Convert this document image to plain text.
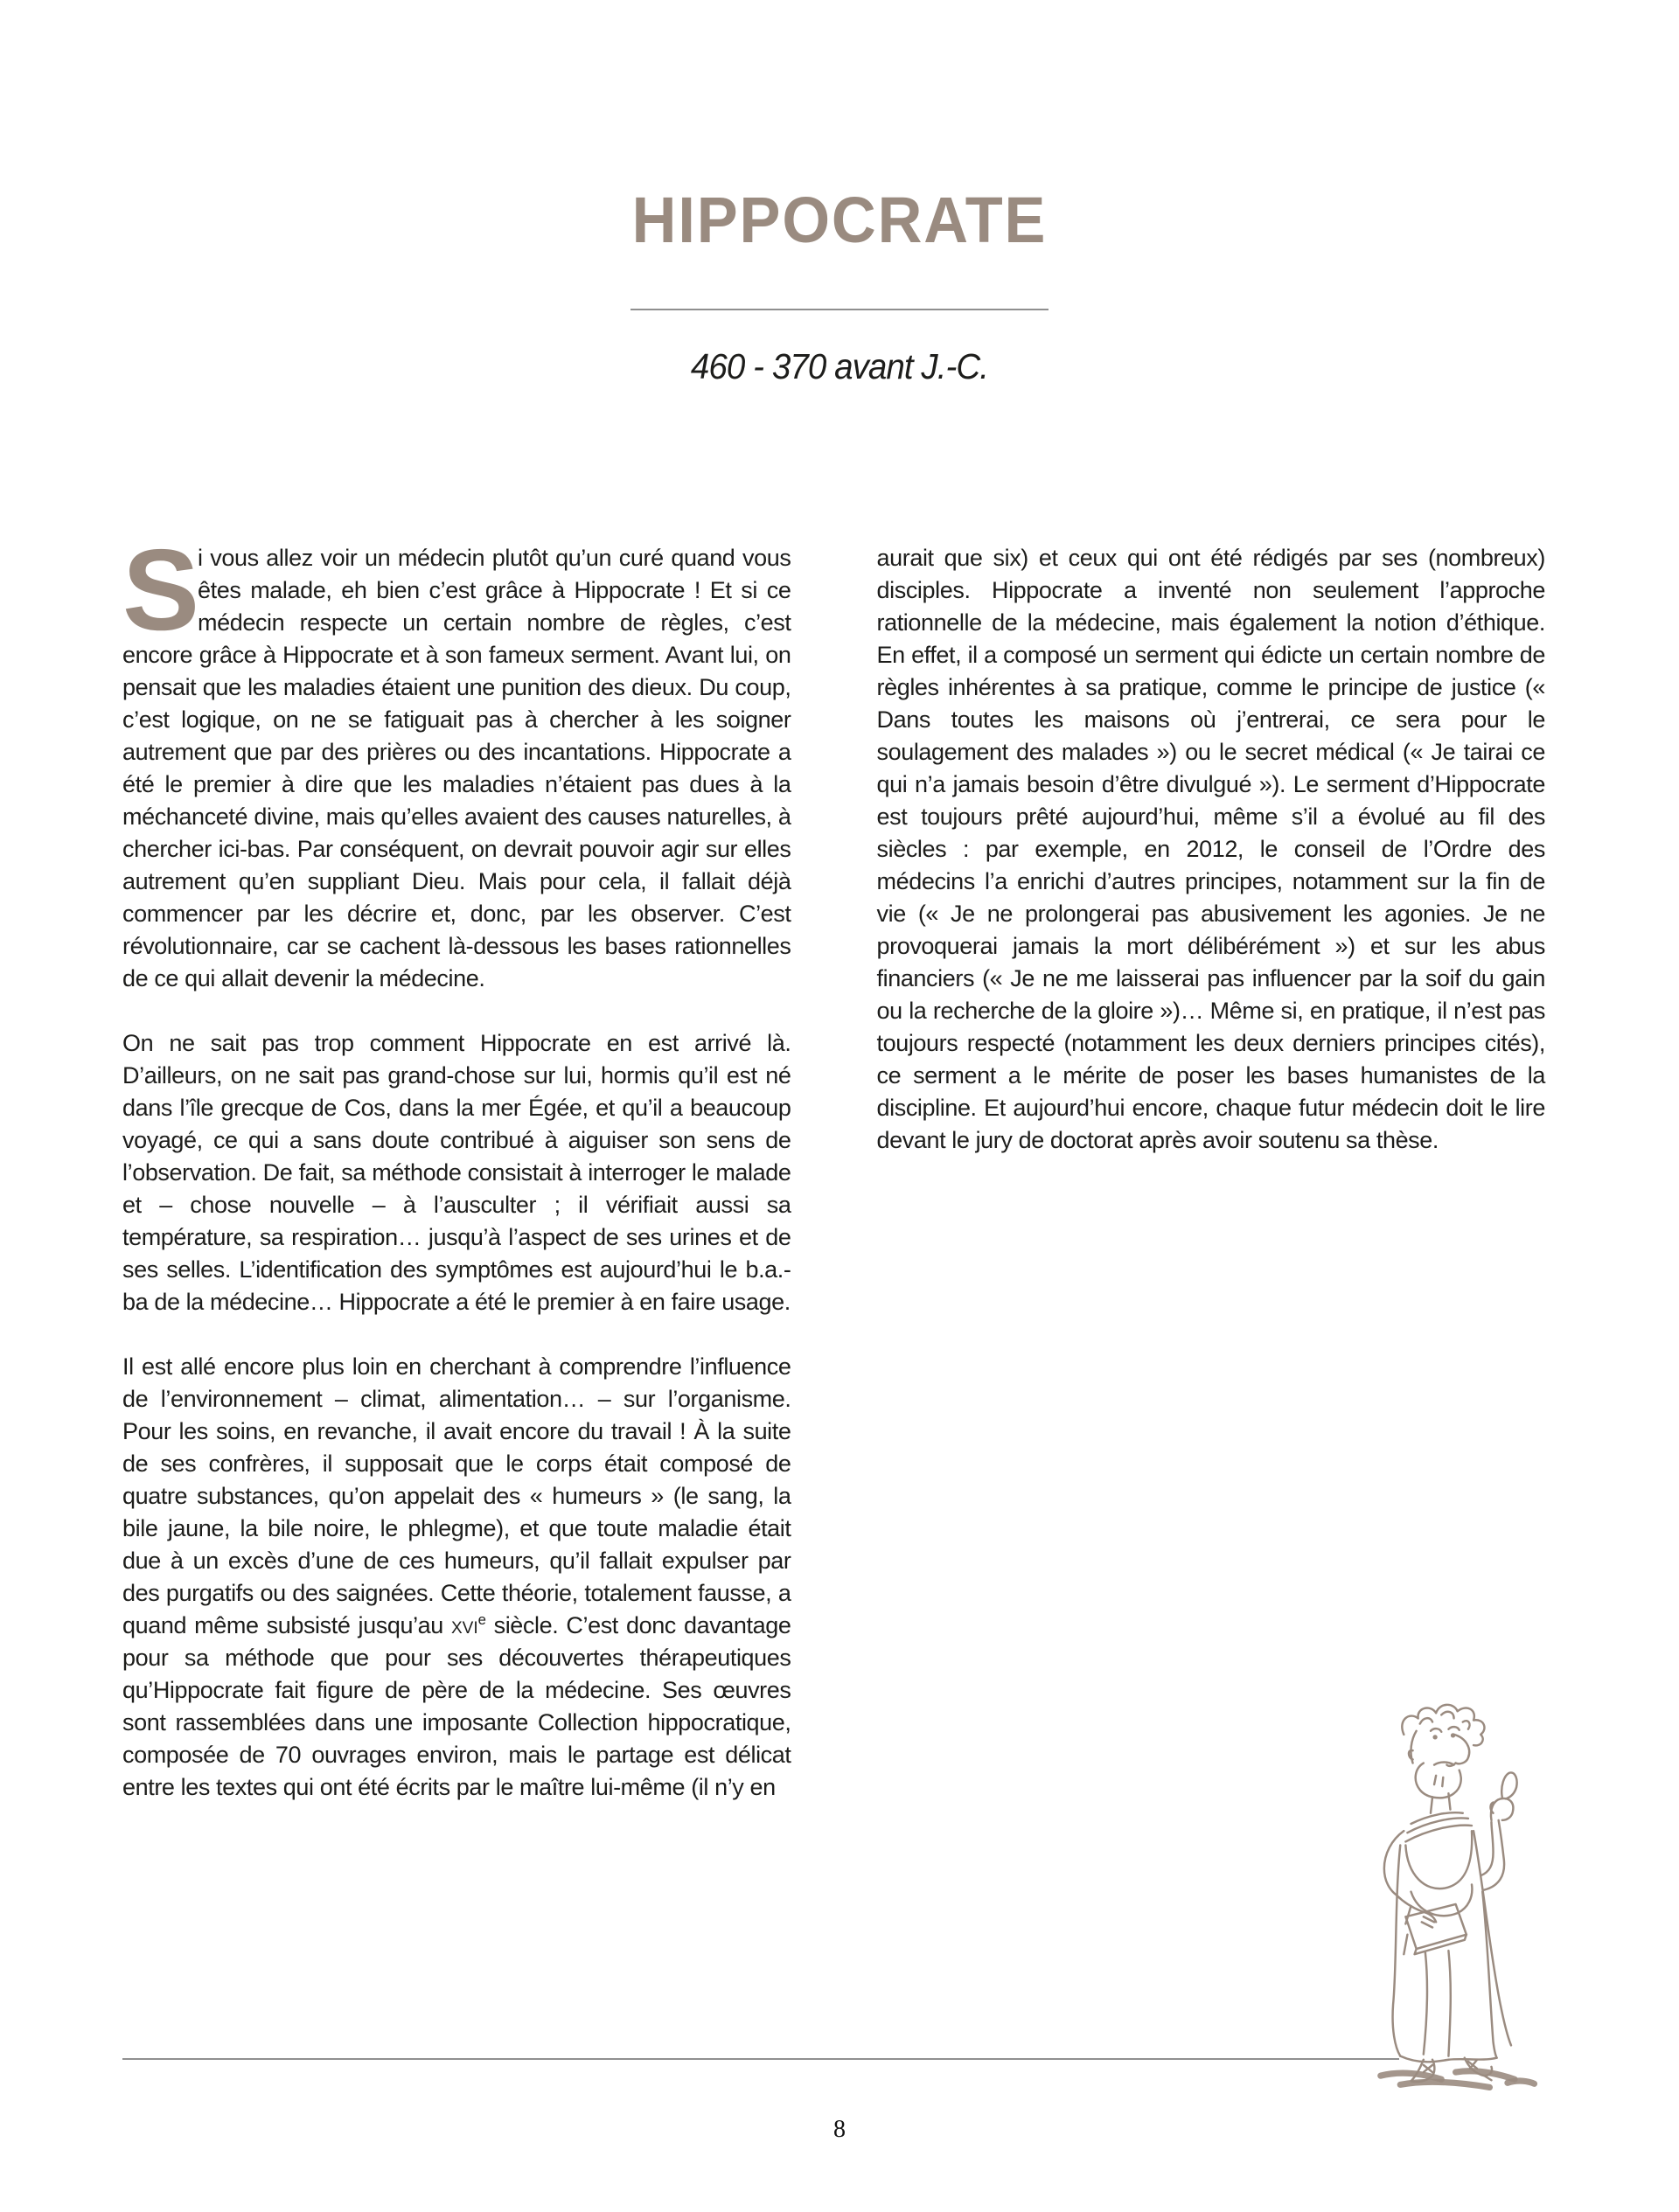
HIPPOCRATE
460 - 370 avant J.-C.

S
i vous allez voir un médecin plutôt qu’un curé quand vous êtes malade, eh bien c’est grâce à Hippocrate ! Et si ce médecin respecte un certain nombre de règles, c’est encore grâce à Hippocrate et à son fameux serment. Avant lui, on pensait que les maladies étaient une punition des dieux. Du coup, c’est logique, on ne se fatiguait pas à chercher à les soigner autrement que par des prières ou des incantations. Hippocrate a été le premier à dire que les maladies n’étaient pas dues à la méchanceté divine, mais qu’elles avaient des causes naturelles, à chercher ici-bas. Par conséquent, on devrait pouvoir agir sur elles autrement qu’en suppliant Dieu. Mais pour cela, il fallait déjà commencer par les décrire et, donc, par les observer. C’est révolutionnaire, car se cachent là-dessous les bases rationnelles de ce qui allait devenir la médecine.

On ne sait pas trop comment Hippocrate en est arrivé là. D’ailleurs, on ne sait pas grand-chose sur lui, hormis qu’il est né dans l’île grecque de Cos, dans la mer Égée, et qu’il a beaucoup voyagé, ce qui a sans doute contribué à aiguiser son sens de l’observation. De fait, sa méthode consistait à interroger le malade et – chose nouvelle – à l’ausculter ; il vérifiait aussi sa température, sa respiration… jusqu’à l’aspect de ses urines et de ses selles. L’identification des symptômes est aujourd’hui le b.a.-ba de la médecine… Hippocrate a été le premier à en faire usage.

Il est allé encore plus loin en cherchant à comprendre l’influence de l’environnement – climat, alimentation… – sur l’organisme. Pour les soins, en revanche, il avait encore du travail ! À la suite de ses confrères, il supposait que le corps était composé de quatre substances, qu’on appelait des « humeurs » (le sang, la bile jaune, la bile noire, le phlegme), et que toute maladie était due à un excès d’une de ces humeurs, qu’il fallait expulser par des purgatifs ou des saignées. Cette théorie, totalement fausse, a quand même subsisté jusqu’au xvi$^e$ siècle. C’est donc davantage pour sa méthode que pour ses découvertes thérapeutiques qu’Hippocrate fait figure de père de la médecine. Ses œuvres sont rassemblées dans une imposante Collection hippocratique, composée de 70 ouvrages environ, mais le partage est délicat entre les textes qui ont été écrits par le maître lui-même (il n’y en

aurait que six) et ceux qui ont été rédigés par ses (nombreux) disciples. Hippocrate a inventé non seulement l’approche rationnelle de la médecine, mais également la notion d’éthique. En effet, il a composé un serment qui édicte un certain nombre de règles inhérentes à sa pratique, comme le principe de justice (« Dans toutes les maisons où j’entrerai, ce sera pour le soulagement des malades ») ou le secret médical (« Je tairai ce qui n’a jamais besoin d’être divulgué »). Le serment d’Hippocrate est toujours prêté aujourd’hui, même s’il a évolué au fil des siècles : par exemple, en 2012, le conseil de l’Ordre des médecins l’a enrichi d’autres principes, notamment sur la fin de vie (« Je ne prolongerai pas abusivement les agonies. Je ne provoquerai jamais la mort délibérément ») et sur les abus financiers (« Je ne me laisserai pas influencer par la soif du gain ou la recherche de la gloire »)… Même si, en pratique, il n’est pas toujours respecté (notamment les deux derniers principes cités), ce serment a le mérite de poser les bases humanistes de la discipline. Et aujourd’hui encore, chaque futur médecin doit le lire devant le jury de doctorat après avoir soutenu sa thèse.

8
